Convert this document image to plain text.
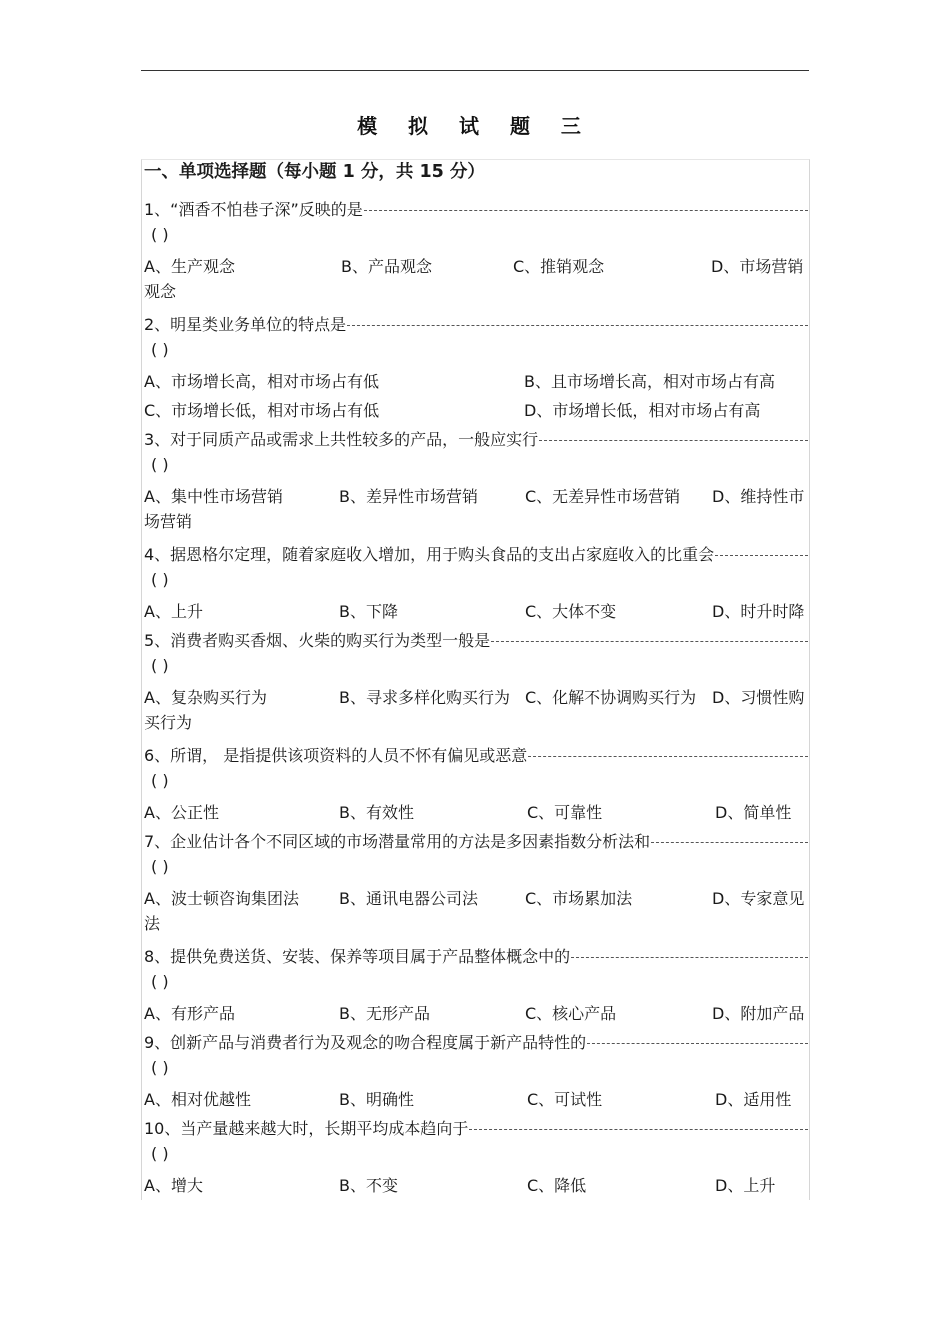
模 拟 试 题 三
一、单项选择题（每小题 1 分，共 15 分）
1、“酒香不怕巷子深”反映的是
( )
A、生产观念	B、产品观念	C、推销观念	D、市场营销
观念
2、明星类业务单位的特点是
( )
A、市场增长高，相对市场占有低	B、且市场增长高，相对市场占有高
C、市场增长低，相对市场占有低	D、市场增长低，相对市场占有高
3、对于同质产品或需求上共性较多的产品，一般应实行
( )
A、集中性市场营销	B、差异性市场营销	C、无差异性市场营销 D、维持性市
场营销
4、据恩格尔定理，随着家庭收入增加，用于购头食品的支出占家庭收入的比重会
( )
A、上升	B、下降	C、大体不变	D、时升时降
5、消费者购买香烟、火柴的购买行为类型一般是
( )
A、复杂购买行为	B、寻求多样化购买行为 C、化解不协调购买行为 D、习惯性购
买行为
6、所谓， 是指提供该项资料的人员不怀有偏见或恶意
( )
A、公正性	B、有效性	C、可靠性	D、简单性
7、企业估计各个不同区域的市场潜量常用的方法是多因素指数分析法和
( )
A、波士顿咨询集团法	B、通讯电器公司法	C、市场累加法	D、专家意见
法
8、提供免费送货、安装、保养等项目属于产品整体概念中的
( )
A、有形产品	B、无形产品	C、核心产品	D、附加产品
9、创新产品与消费者行为及观念的吻合程度属于新产品特性的
( )
A、相对优越性	B、明确性	C、可试性	D、适用性
10、当产量越来越大时，长期平均成本趋向于
( )
A、增大	B、不变	C、降低	D、上升
